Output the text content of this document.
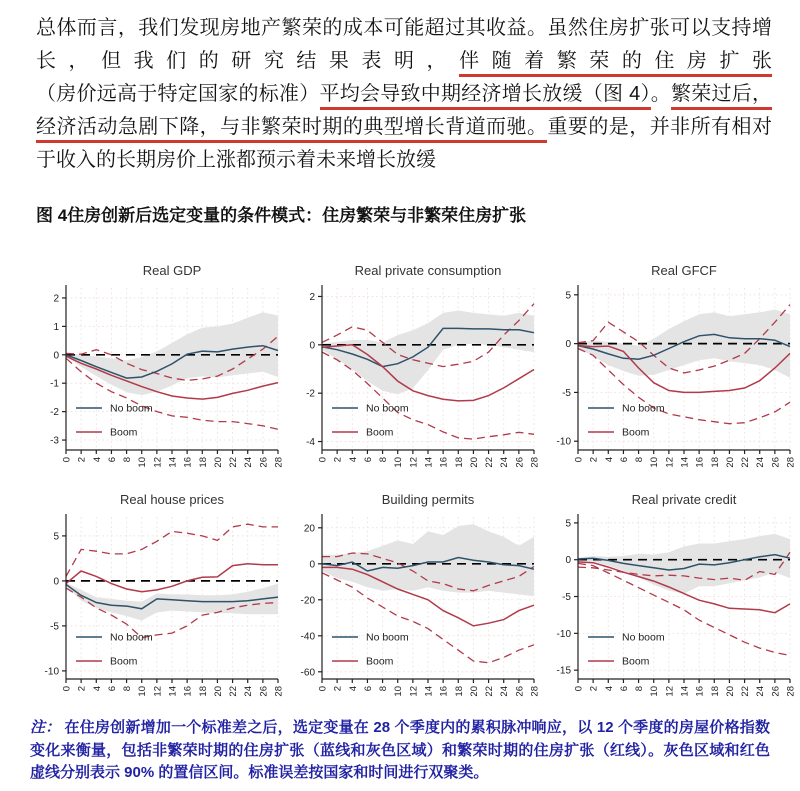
总体而言，我们发现房地产繁荣的成本可能超过其收益。虽然住房扩张可以支持增长，但我们的研究结果表明，伴随着繁荣的住房扩张（房价远高于特定国家的标准）平均会导致中期经济增长放缓（图 4）。繁荣过后，经济活动急剧下降，与非繁荣时期的典型增长背道而驰。重要的是，并非所有相对于收入的长期房价上涨都预示着未来增长放缓
图 4住房创新后选定变量的条件模式：住房繁荣与非繁荣住房扩张
2
1
0
-1
-2
-3
0 2 4 6 8 10 12 14 16 18 20 22 24 26 28
Real GDP
No boom
Boom
2
0
-2
-4
0 2 4 6 8 10 12 14 16 18 20 22 24 26 28
Real private consumption
No boom
Boom
5
0
-5
-10
0 2 4 6 8 10 12 14 16 18 20 22 24 26 28
Real GFCF
No boom
Boom
5
0
-5
-10
0 2 4 6 8 10 12 14 16 18 20 22 24 26 28
Real house prices
No boom
Boom
20
0
-20
-40
-60
0 2 4 6 8 10 12 14 16 18 20 22 24 26 28
Building permits
No boom
Boom
5
0
-5
-10
-15
0 2 4 6 8 10 12 14 16 18 20 22 24 26 28
Real private credit
No boom
Boom
注： 在住房创新增加一个标准差之后，选定变量在 28 个季度内的累积脉冲响应，以 12 个季度的房屋价格指数变化来衡量，包括非繁荣时期的住房扩张（蓝线和灰色区域）和繁荣时期的住房扩张（红线）。灰色区域和红色虚线分别表示 90% 的置信区间。标准误差按国家和时间进行双聚类。
